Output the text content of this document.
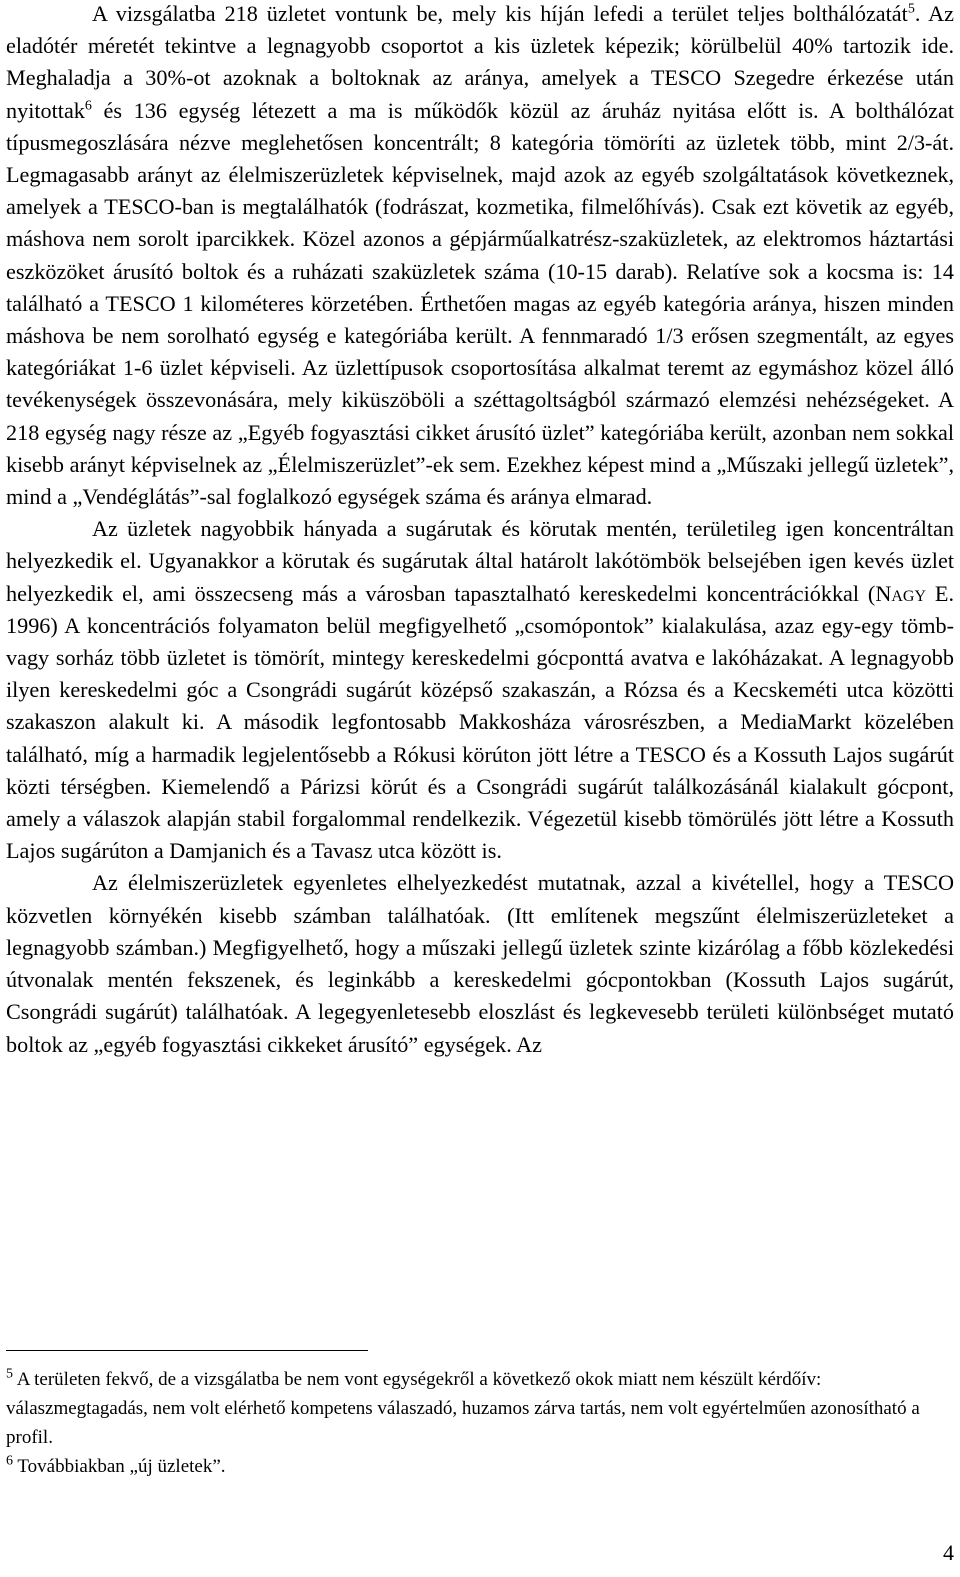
A vizsgálatba 218 üzletet vontunk be, mely kis híján lefedi a terület teljes bolthálózatát$^5$. Az eladótér méretét tekintve a legnagyobb csoportot a kis üzletek képezik; körülbelül 40% tartozik ide. Meghaladja a 30%-ot azoknak a boltoknak az aránya, amelyek a TESCO Szegedre érkezése után nyitottak$^6$ és 136 egység létezett a ma is működők közül az áruház nyitása előtt is. A bolthálózat típusmegoszlására nézve meglehetősen koncentrált; 8 kategória tömöríti az üzletek több, mint 2/3-át. Legmagasabb arányt az élelmiszerüzletek képviselnek, majd azok az egyéb szolgáltatások következnek, amelyek a TESCO-ban is megtalálhatók (fodrászat, kozmetika, filmelőhívás). Csak ezt követik az egyéb, máshova nem sorolt iparcikkek. Közel azonos a gépjárműalkatrész-szaküzletek, az elektromos háztartási eszközöket árusító boltok és a ruházati szaküzletek száma (10-15 darab). Relatíve sok a kocsma is: 14 található a TESCO 1 kilométeres körzetében. Érthetően magas az egyéb kategória aránya, hiszen minden máshova be nem sorolható egység e kategóriába került. A fennmaradó 1/3 erősen szegmentált, az egyes kategóriákat 1-6 üzlet képviseli. Az üzlettípusok csoportosítása alkalmat teremt az egymáshoz közel álló tevékenységek összevonására, mely kiküszöböli a széttagoltságból származó elemzési nehézségeket. A 218 egység nagy része az „Egyéb fogyasztási cikket árusító üzlet” kategóriába került, azonban nem sokkal kisebb arányt képviselnek az „Élelmiszerüzlet”-ek sem. Ezekhez képest mind a „Műszaki jellegű üzletek”, mind a „Vendéglátás”-sal foglalkozó egységek száma és aránya elmarad.

Az üzletek nagyobbik hányada a sugárutak és körutak mentén, területileg igen koncentráltan helyezkedik el. Ugyanakkor a körutak és sugárutak által határolt lakótömbök belsejében igen kevés üzlet helyezkedik el, ami összecseng más a városban tapasztalható kereskedelmi koncentrációkkal (Nagy E. 1996) A koncentrációs folyamaton belül megfigyelhető „csomópontok” kialakulása, azaz egy-egy tömb- vagy sorház több üzletet is tömörít, mintegy kereskedelmi gócponttá avatva e lakóházakat. A legnagyobb ilyen kereskedelmi góc a Csongrádi sugárút középső szakaszán, a Rózsa és a Kecskeméti utca közötti szakaszon alakult ki. A második legfontosabb Makkosháza városrészben, a MediaMarkt közelében található, míg a harmadik legjelentősebb a Rókusi körúton jött létre a TESCO és a Kossuth Lajos sugárút közti térségben. Kiemelendő a Párizsi körút és a Csongrádi sugárút találkozásánál kialakult gócpont, amely a válaszok alapján stabil forgalommal rendelkezik. Végezetül kisebb tömörülés jött létre a Kossuth Lajos sugárúton a Damjanich és a Tavasz utca között is.

Az élelmiszerüzletek egyenletes elhelyezkedést mutatnak, azzal a kivétellel, hogy a TESCO közvetlen környékén kisebb számban találhatóak. (Itt említenek megszűnt élelmiszerüzleteket a legnagyobb számban.) Megfigyelhető, hogy a műszaki jellegű üzletek szinte kizárólag a főbb közlekedési útvonalak mentén fekszenek, és leginkább a kereskedelmi gócpontokban (Kossuth Lajos sugárút, Csongrádi sugárút) találhatóak. A legegyenletesebb eloszlást és legkevesebb területi különbséget mutató boltok az „egyéb fogyasztási cikkeket árusító” egységek. Az

$^5$ A területen fekvő, de a vizsgálatba be nem vont egységekről a következő okok miatt nem készült kérdőív: válaszmegtagadás, nem volt elérhető kompetens válaszadó, huzamos zárva tartás, nem volt egyértelműen azonosítható a profil.

$^6$ Továbbiakban „új üzletek”.

4
